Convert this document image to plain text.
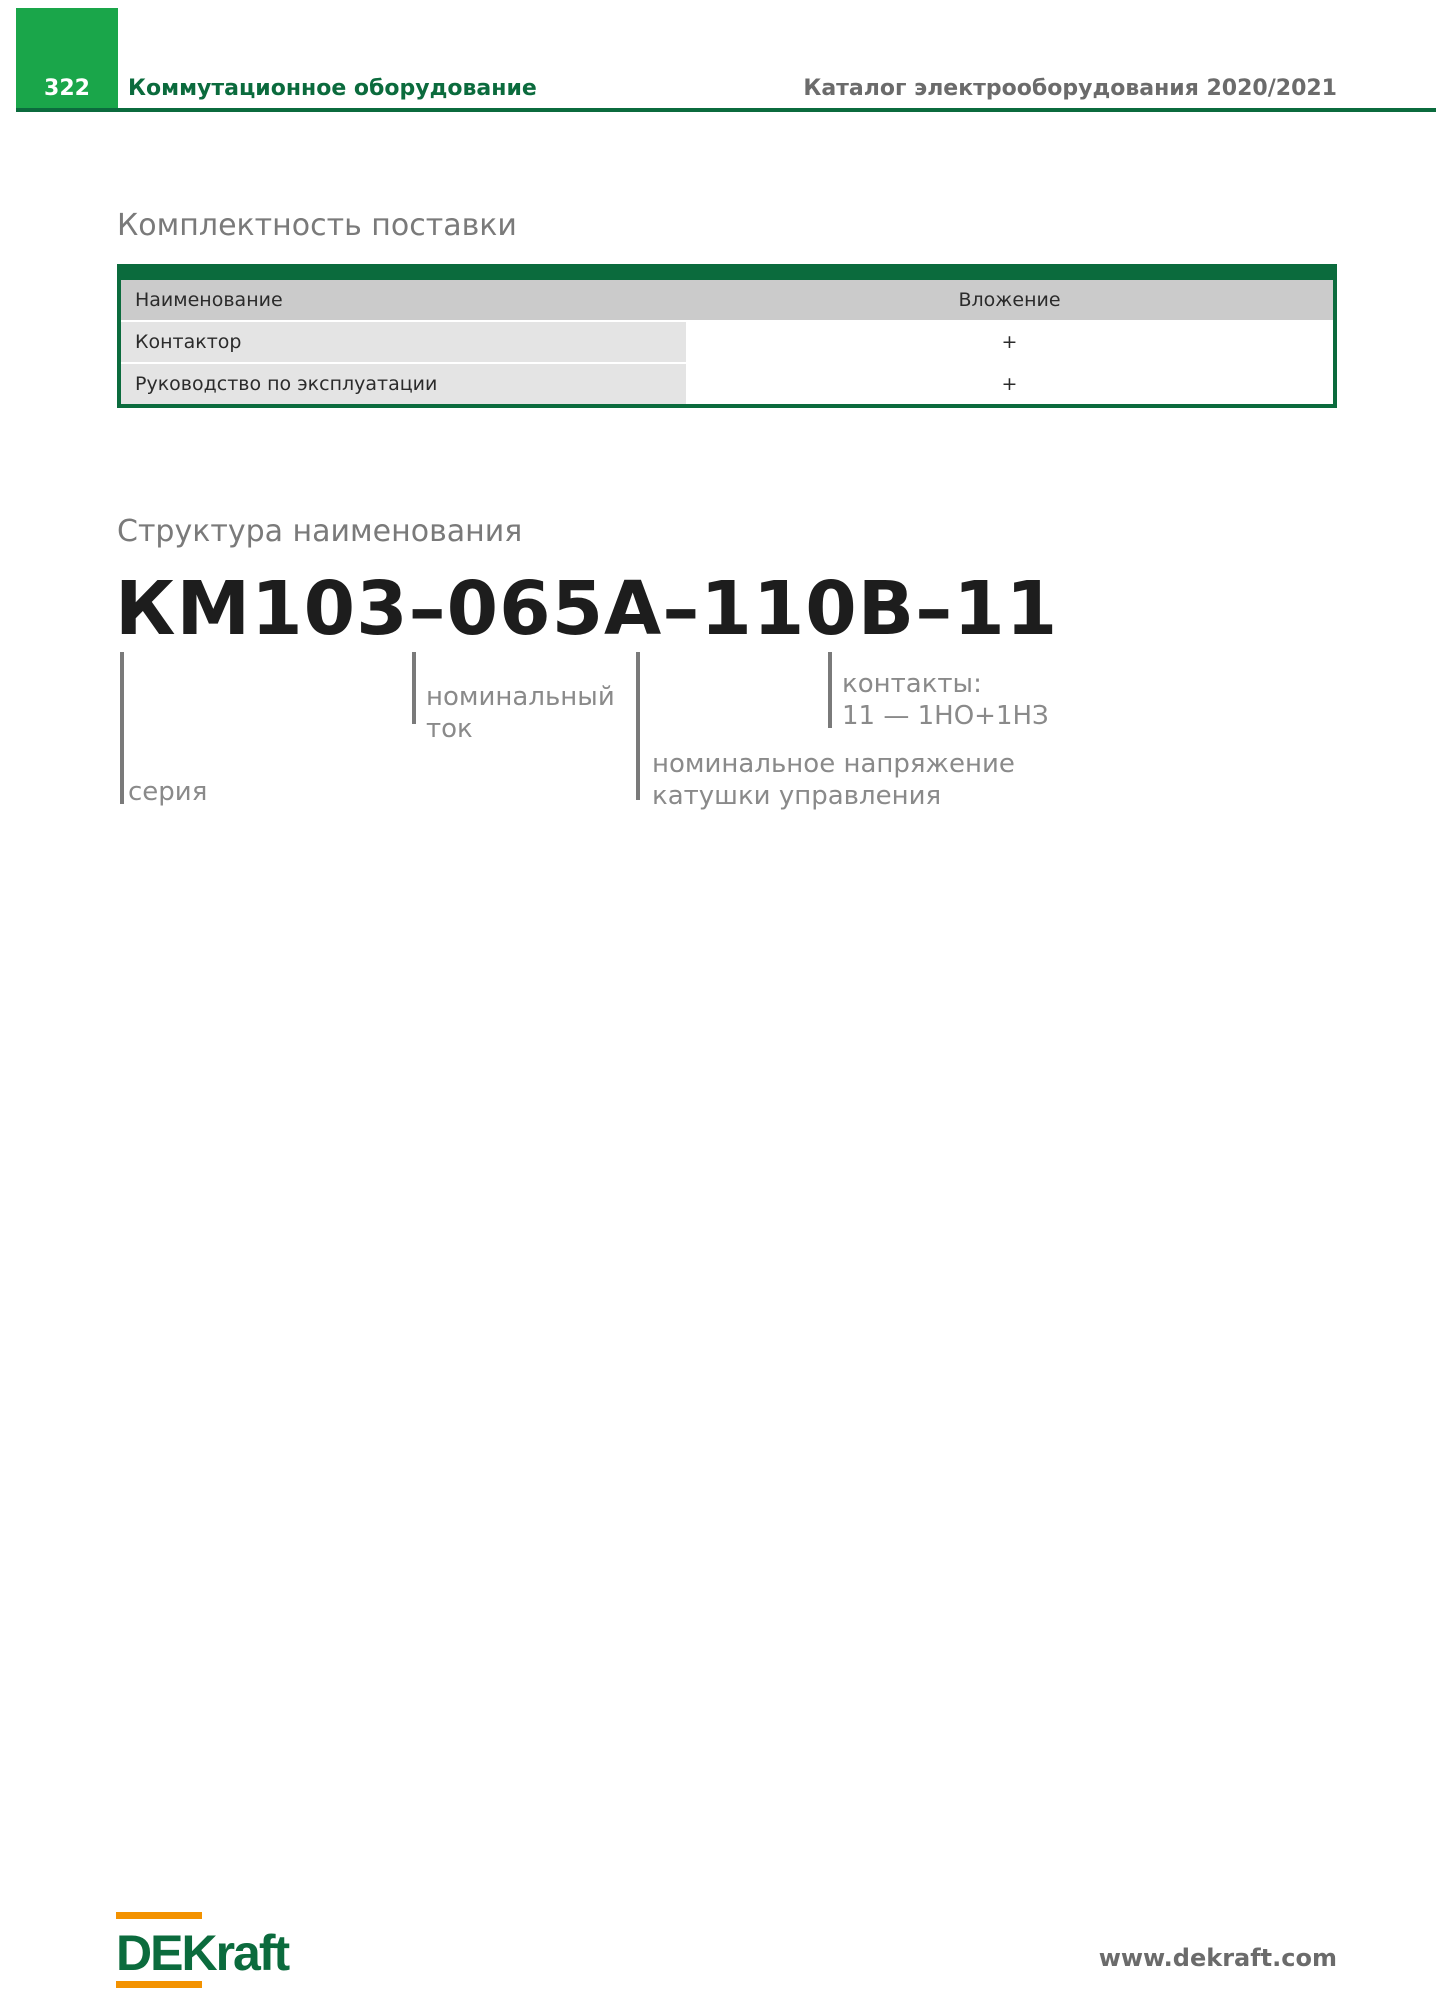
322	Коммутационное оборудование	Каталог электрооборудования 2020/2021
Комплектность поставки
Наименование	Вложение
Контактор	+
Руководство по эксплуатации	+
Структура наименования
КМ103–065А–110В–11
серия
номинальный
ток
номинальное напряжение
катушки управления
контакты:
11 — 1НО+1НЗ
DEKraft	www.dekraft.com
